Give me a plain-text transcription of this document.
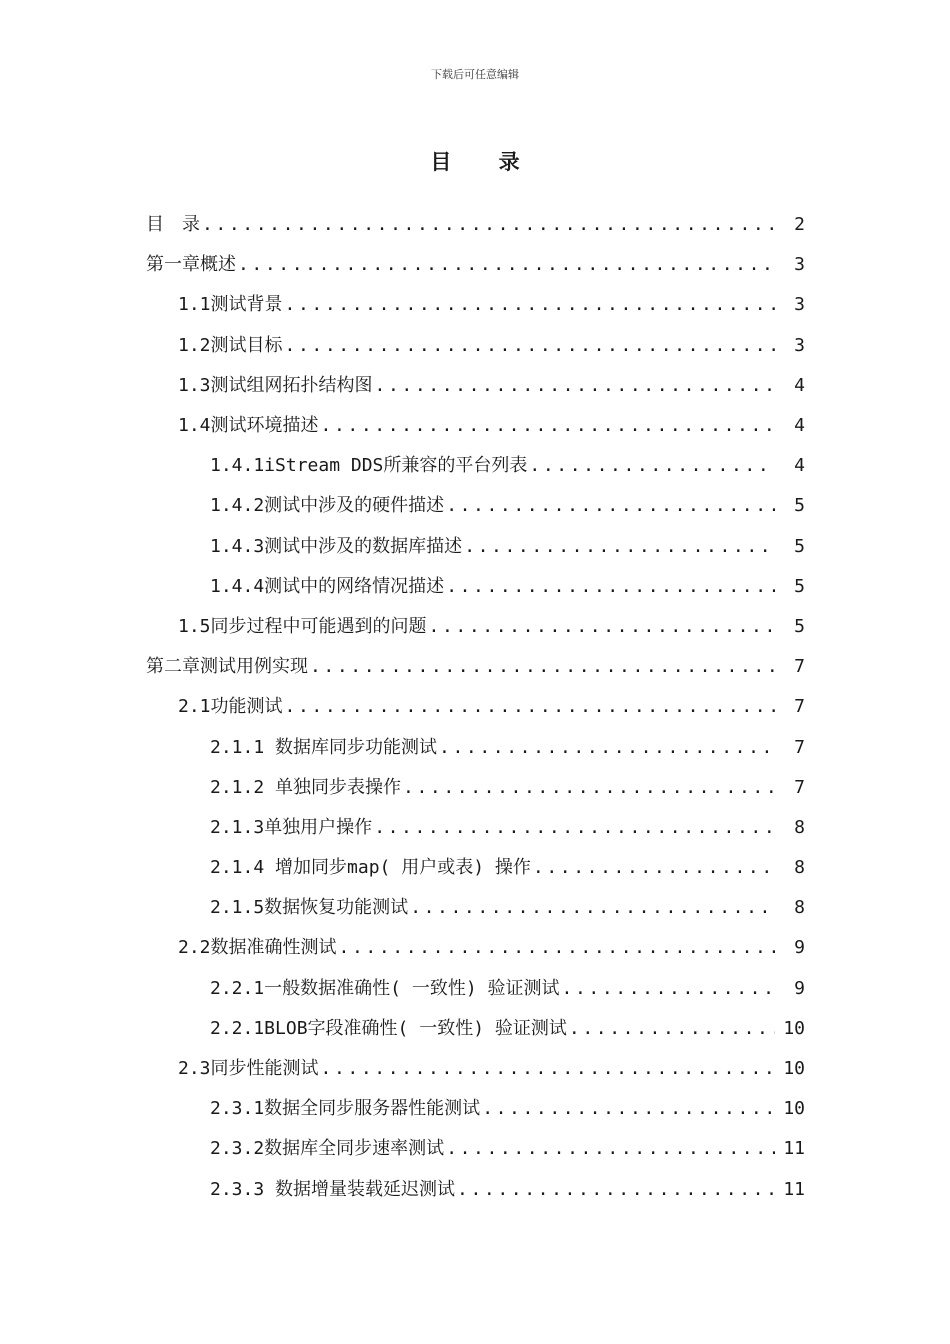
下载后可任意编辑
目 录
目　录 .....	2
第一章概述 .....	3
1.1测试背景 .....	3
1.2测试目标 .....	3
1.3测试组网拓扑结构图 .....	4
1.4测试环境描述 .....	4
1.4.1iStream DDS所兼容的平台列表 .....	4
1.4.2测试中涉及的硬件描述 .....	5
1.4.3测试中涉及的数据库描述 .....	5
1.4.4测试中的网络情况描述 .....	5
1.5同步过程中可能遇到的问题 .....	5
第二章测试用例实现 .....	7
2.1功能测试 .....	7
2.1.1 数据库同步功能测试 .....	7
2.1.2 单独同步表操作 .....	7
2.1.3单独用户操作 .....	8
2.1.4 增加同步map( 用户或表) 操作 .....	8
2.1.5数据恢复功能测试 .....	8
2.2数据准确性测试 .....	9
2.2.1一般数据准确性( 一致性) 验证测试 .....	9
2.2.1BLOB字段准确性( 一致性) 验证测试 .....	10
2.3同步性能测试 .....	10
2.3.1数据全同步服务器性能测试 .....	10
2.3.2数据库全同步速率测试 .....	11
2.3.3 数据增量装载延迟测试 .....	11
